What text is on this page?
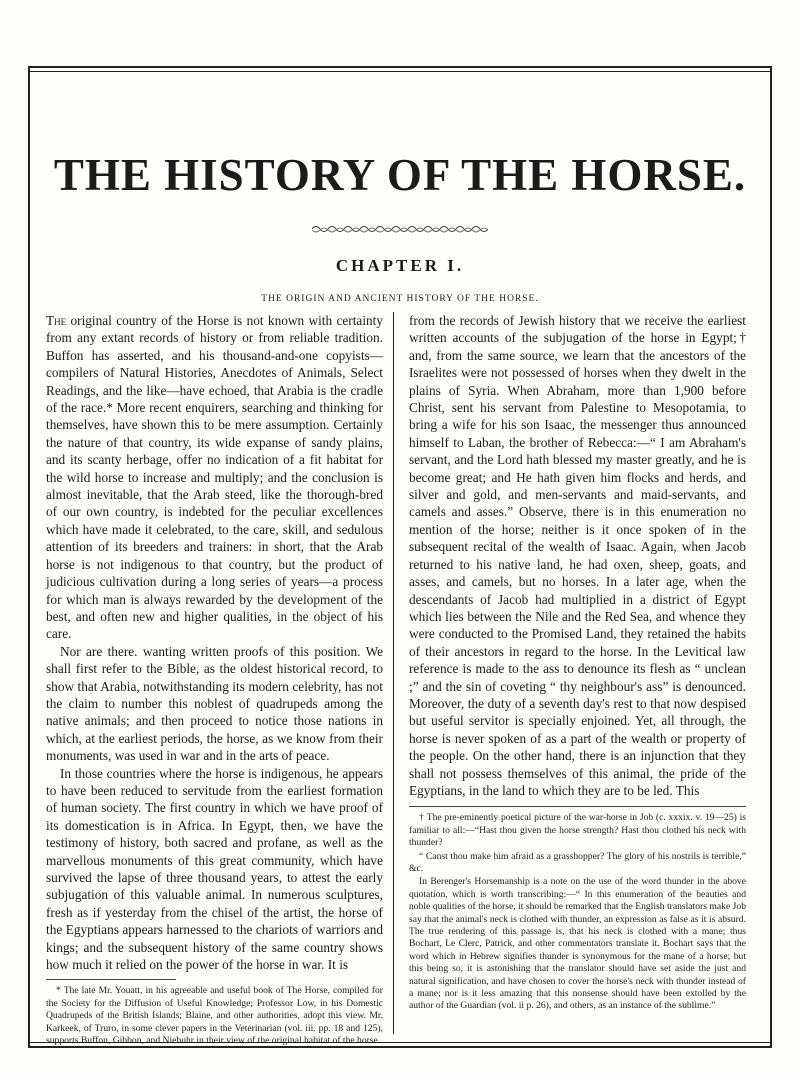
THE HISTORY OF THE HORSE.
CHAPTER I.
THE ORIGIN AND ANCIENT HISTORY OF THE HORSE.

The original country of the Horse is not known with certainty from any extant records of history or from reliable tradition. Buffon has asserted, and his thousand-and-one copyists—compilers of Natural Histories, Anecdotes of Animals, Select Readings, and the like—have echoed, that Arabia is the cradle of the race.* More recent enquirers, searching and thinking for themselves, have shown this to be mere assumption. Certainly the nature of that country, its wide expanse of sandy plains, and its scanty herbage, offer no indication of a fit habitat for the wild horse to increase and multiply; and the conclusion is almost inevitable, that the Arab steed, like the thorough-bred of our own country, is indebted for the peculiar excellences which have made it celebrated, to the care, skill, and sedulous attention of its breeders and trainers: in short, that the Arab horse is not indigenous to that country, but the product of judicious cultivation during a long series of years—a process for which man is always rewarded by the development of the best, and often new and higher qualities, in the object of his care.

Nor are there. wanting written proofs of this position. We shall first refer to the Bible, as the oldest historical record, to show that Arabia, notwithstanding its modern celebrity, has not the claim to number this noblest of quadrupeds among the native animals; and then proceed to notice those nations in which, at the earliest periods, the horse, as we know from their monuments, was used in war and in the arts of peace.

In those countries where the horse is indigenous, he appears to have been reduced to servitude from the earliest formation of human society. The first country in which we have proof of its domestication is in Africa. In Egypt, then, we have the testimony of history, both sacred and profane, as well as the marvellous monuments of this great community, which have survived the lapse of three thousand years, to attest the early subjugation of this valuable animal. In numerous sculptures, fresh as if yesterday from the chisel of the artist, the horse of the Egyptians appears harnessed to the chariots of warriors and kings; and the subsequent history of the same country shows how much it relied on the power of the horse in war. It is

* The late Mr. Youatt, in his agreeable and useful book of The Horse, compiled for the Society for the Diffusion of Useful Knowledge; Professor Low, in his Domestic Quadrupeds of the British Islands; Blaine, and other authorities, adopt this view. Mr. Karkeek, of Truro, in some clever papers in the Veterinarian (vol. iii. pp. 18 and 125), supports Buffon, Gibbon, and Niebuhr in their view of the original habitat of the horse.

from the records of Jewish history that we receive the earliest written accounts of the subjugation of the horse in Egypt;† and, from the same source, we learn that the ancestors of the Israelites were not possessed of horses when they dwelt in the plains of Syria. When Abraham, more than 1,900 before Christ, sent his servant from Palestine to Mesopotamia, to bring a wife for his son Isaac, the messenger thus announced himself to Laban, the brother of Rebecca:—“ I am Abraham's servant, and the Lord hath blessed my master greatly, and he is become great; and He hath given him flocks and herds, and silver and gold, and men-servants and maid-servants, and camels and asses.” Observe, there is in this enumeration no mention of the horse; neither is it once spoken of in the subsequent recital of the wealth of Isaac. Again, when Jacob returned to his native land, he had oxen, sheep, goats, and asses, and camels, but no horses. In a later age, when the descendants of Jacob had multiplied in a district of Egypt which lies between the Nile and the Red Sea, and whence they were conducted to the Promised Land, they retained the habits of their ancestors in regard to the horse. In the Levitical law reference is made to the ass to denounce its flesh as “ unclean ;” and the sin of coveting “ thy neighbour's ass” is denounced. Moreover, the duty of a seventh day's rest to that now despised but useful servitor is specially enjoined. Yet, all through, the horse is never spoken of as a part of the wealth or property of the people. On the other hand, there is an injunction that they shall not possess themselves of this animal, the pride of the Egyptians, in the land to which they are to be led. This

† The pre-eminently poetical picture of the war-horse in Job (c. xxxix. v. 19—25) is familiar to all:—“Hast thou given the horse strength? Hast thou clothed his neck with thunder?

“ Canst thou make him afraid as a grasshopper? The glory of his nostrils is terrible,” &c.

In Berenger's Horsemanship is a note on the use of the word thunder in the above quotation, which is worth transcribing:—“ In this enumeration of the beauties and noble qualities of the horse, it should be remarked that the English translators make Job say that the animal's neck is clothed with thunder, an expression as false as it is absurd. The true rendering of this passage is, that his neck is clothed with a mane; thus Bochart, Le Clerc, Patrick, and other commentators translate it. Bochart says that the word which in Hebrew signifies thunder is synonymous for the mane of a horse; but this being so, it is astonishing that the translator should have set aside the just and natural signification, and have chosen to cover the horse's neck with thunder instead of a mane; nor is it less amazing that this nonsense should have been extolled by the author of the Guardian (vol. ii p. 26), and others, as an instance of the sublime.”
